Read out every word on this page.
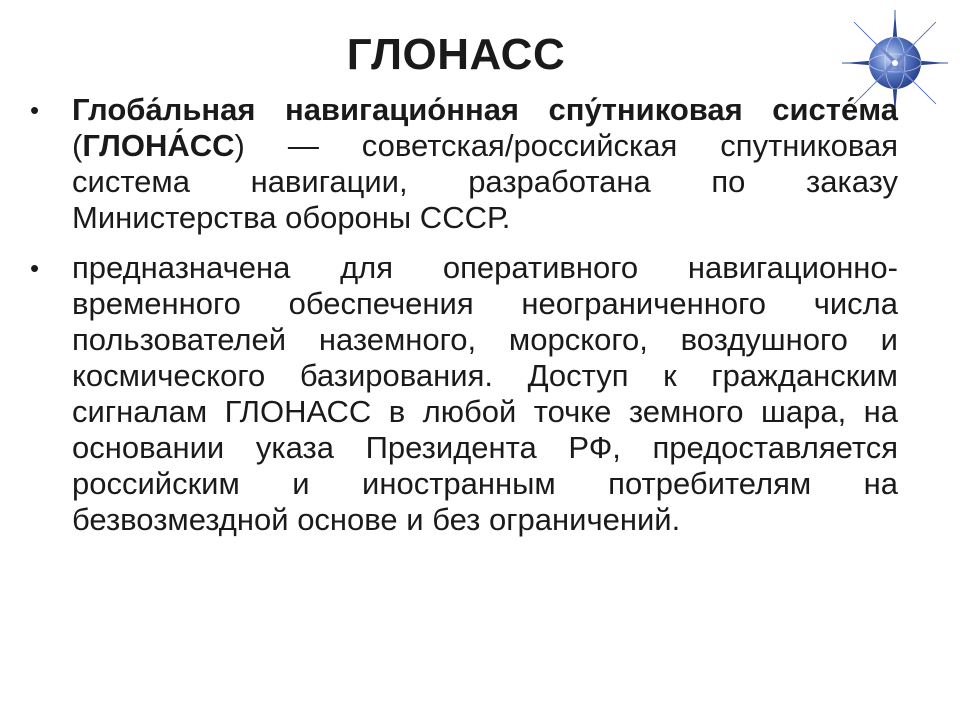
ГЛОНАСС
•	Глоба́льная навигацио́нная спу́тниковая систе́ма (ГЛОНА́СС) — советская/российская спутниковая система навигации, разработана по заказу Министерства обороны СССР.
•	предназначена для оперативного навигационно-временного обеспечения неограниченного числа пользователей наземного, морского, воздушного и космического базирования. Доступ к гражданским сигналам ГЛОНАСС в любой точке земного шара, на основании указа Президента РФ, предоставляется российским и иностранным потребителям на безвозмездной основе и без ограничений.
